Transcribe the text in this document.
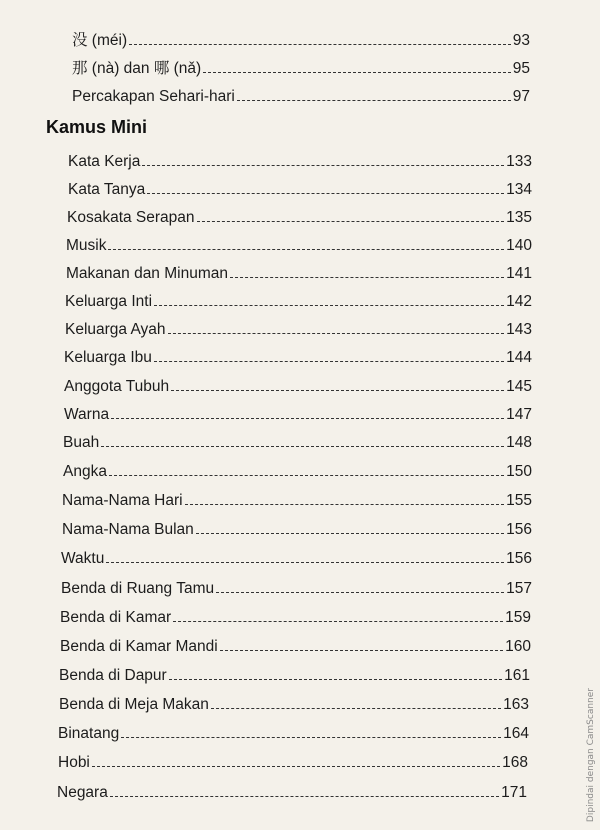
没 (méi)	93
那 (nà) dan 哪 (nǎ)	95
Percakapan Sehari-hari	97
Kamus Mini
Kata Kerja	133
Kata Tanya	134
Kosakata Serapan	135
Musik	140
Makanan dan Minuman	141
Keluarga Inti	142
Keluarga Ayah	143
Keluarga Ibu	144
Anggota Tubuh	145
Warna	147
Buah	148
Angka	150
Nama-Nama Hari	155
Nama-Nama Bulan	156
Waktu	156
Benda di Ruang Tamu	157
Benda di Kamar	159
Benda di Kamar Mandi	160
Benda di Dapur	161
Benda di Meja Makan	163
Binatang	164
Hobi	168
Negara	171	Dipindai dengan CamScanner
